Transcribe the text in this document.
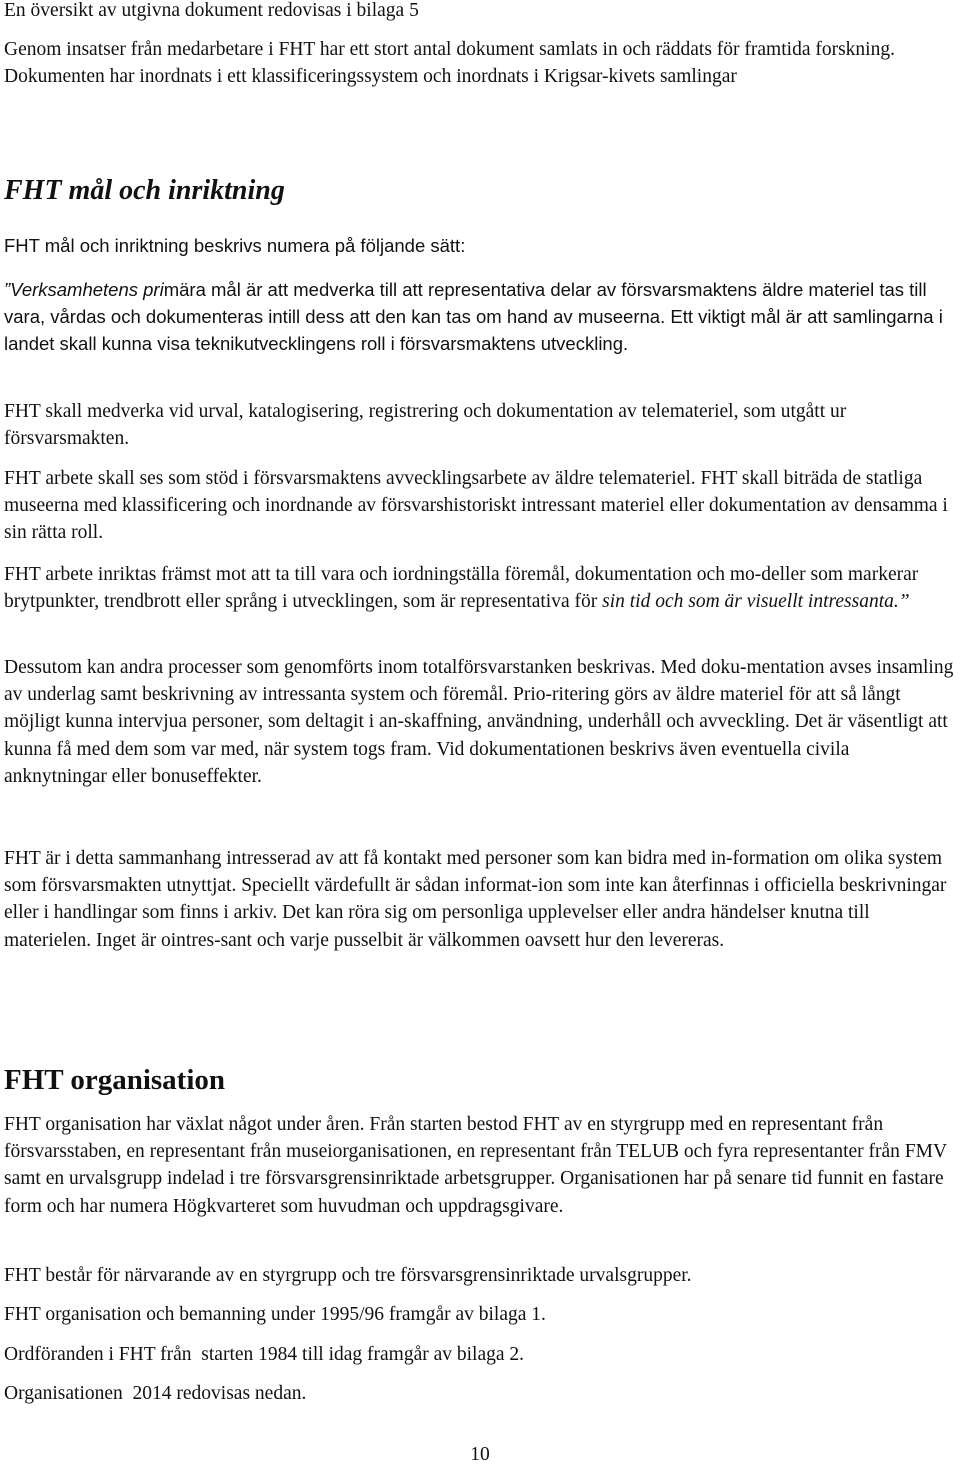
En översikt av utgivna dokument redovisas i bilaga 5

Genom insatser från medarbetare i FHT har ett stort antal dokument samlats in och räddats för framtida forskning. Dokumenten har inordnats i ett klassificeringssystem och inordnats i Krigsar-kivets samlingar

FHT mål och inriktning

FHT mål och inriktning beskrivs numera på följande sätt:

”Verksamhetens primära mål är att medverka till att representativa delar av försvarsmaktens äldre materiel tas till vara, vårdas och dokumenteras intill dess att den kan tas om hand av museerna. Ett viktigt mål är att samlingarna i landet skall kunna visa teknikutvecklingens roll i försvarsmaktens utveckling.

FHT skall medverka vid urval, katalogisering, registrering och dokumentation av telemateriel, som utgått ur försvarsmakten.

FHT arbete skall ses som stöd i försvarsmaktens avvecklingsarbete av äldre telemateriel. FHT skall biträda de statliga museerna med klassificering och inordnande av försvarshistoriskt intressant materiel eller dokumentation av densamma i sin rätta roll.

FHT arbete inriktas främst mot att ta till vara och iordningställa föremål, dokumentation och mo-deller som markerar brytpunkter, trendbrott eller språng i utvecklingen, som är representativa för sin tid och som är visuellt intressanta.”

Dessutom kan andra processer som genomförts inom totalförsvarstanken beskrivas. Med doku-mentation avses insamling av underlag samt beskrivning av intressanta system och föremål. Prio-ritering görs av äldre materiel för att så långt möjligt kunna intervjua personer, som deltagit i an-skaffning, användning, underhåll och avveckling. Det är väsentligt att kunna få med dem som var med, när system togs fram. Vid dokumentationen beskrivs även eventuella civila anknytningar eller bonuseffekter.

FHT är i detta sammanhang intresserad av att få kontakt med personer som kan bidra med in-formation om olika system som försvarsmakten utnyttjat. Speciellt värdefullt är sådan informat-ion som inte kan återfinnas i officiella beskrivningar eller i handlingar som finns i arkiv. Det kan röra sig om personliga upplevelser eller andra händelser knutna till materielen. Inget är ointres-sant och varje pusselbit är välkommen oavsett hur den levereras.

FHT organisation

FHT organisation har växlat något under åren. Från starten bestod FHT av en styrgrupp med en representant från försvarsstaben, en representant från museiorganisationen, en representant från TELUB och fyra representanter från FMV samt en urvalsgrupp indelad i tre försvarsgrensinriktade arbetsgrupper. Organisationen har på senare tid funnit en fastare form och har numera Högkvarteret som huvudman och uppdragsgivare.

FHT består för närvarande av en styrgrupp och tre försvarsgrensinriktade urvalsgrupper.

FHT organisation och bemanning under 1995/96 framgår av bilaga 1.

Ordföranden i FHT från  starten 1984 till idag framgår av bilaga 2.

Organisationen  2014 redovisas nedan.

10
